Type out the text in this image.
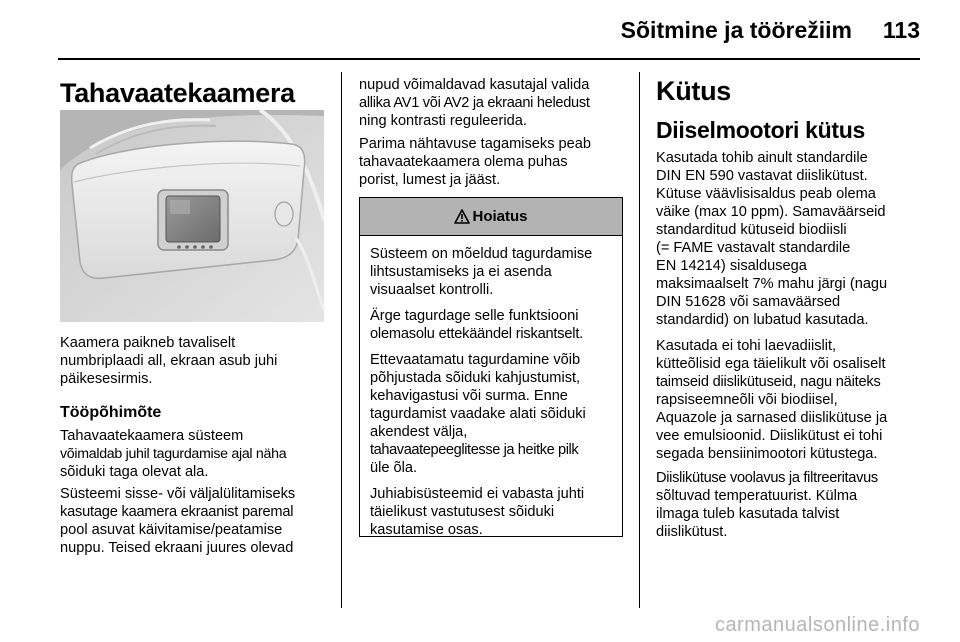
Sõitmine ja töörežiim 113
Tahavaatekaamera
Kaamera paikneb tavaliselt
numbriplaadi all, ekraan asub juhi
päikesesirmis.
Tööpõhimõte
Tahavaatekaamera süsteem
võimaldab juhil tagurdamise ajal näha
sõiduki taga olevat ala.
Süsteemi sisse- või väljalülitamiseks
kasutage kaamera ekraanist paremal
pool asuvat käivitamise/peatamise
nuppu. Teised ekraani juures olevad
nupud võimaldavad kasutajal valida
allika AV1 või AV2 ja ekraani heledust
ning kontrasti reguleerida.
Parima nähtavuse tagamiseks peab
tahavaatekaamera olema puhas
porist, lumest ja jääst.
Hoiatus
Süsteem on mõeldud tagurdamise
lihtsustamiseks ja ei asenda
visuaalset kontrolli.
Ärge tagurdage selle funktsiooni
olemasolu ettekäändel riskantselt.
Ettevaatamatu tagurdamine võib
põhjustada sõiduki kahjustumist,
kehavigastusi või surma. Enne
tagurdamist vaadake alati sõiduki
akendest välja,
tahavaatepeeglitesse ja heitke pilk
üle õla.
Juhiabisüsteemid ei vabasta juhti
täielikust vastutusest sõiduki
kasutamise osas.
Kütus
Diiselmootori kütus
Kasutada tohib ainult standardile
DIN EN 590 vastavat diislikütust.
Kütuse väävlisisaldus peab olema
väike (max 10 ppm). Samaväärseid
standarditud kütuseid biodiisli
(= FAME vastavalt standardile
EN 14214) sisaldusega
maksimaalselt 7% mahu järgi (nagu
DIN 51628 või samaväärsed
standardid) on lubatud kasutada.
Kasutada ei tohi laevadiislit,
kütteõlisid ega täielikult või osaliselt
taimseid diislikütuseid, nagu näiteks
rapsiseemneõli või biodiisel,
Aquazole ja sarnased diislikütuse ja
vee emulsioonid. Diislikütust ei tohi
segada bensiinimootori kütustega.
Diislikütuse voolavus ja filtreeritavus
sõltuvad temperatuurist. Külma
ilmaga tuleb kasutada talvist
diislikütust.
carmanualsonline.info
